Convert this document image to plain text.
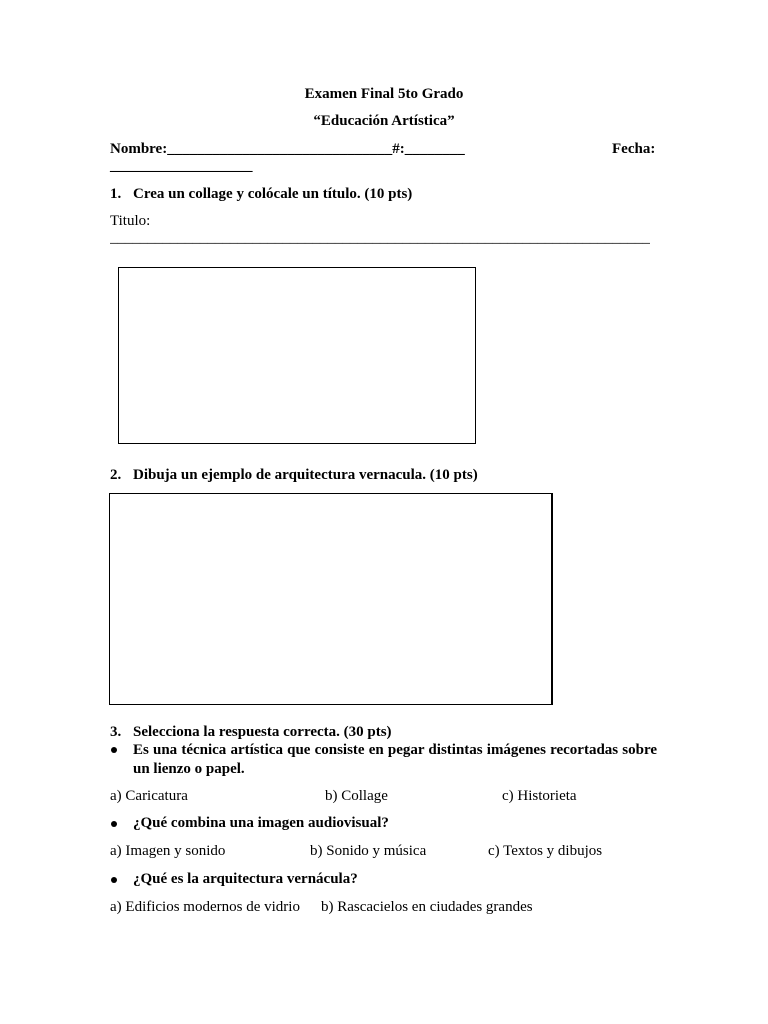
Examen Final 5to Grado
“Educación Artística”
Nombre:______________________________#:________	Fecha:
___________________
1. Crea un collage y colócale un título. (10 pts)
Titulo:
________________________________________________________________________
2. Dibuja un ejemplo de arquitectura vernacula. (10 pts)
3. Selecciona la respuesta correcta. (30 pts)
Es una técnica artística que consiste en pegar distintas imágenes recortadas sobre un lienzo o papel.
a) Caricatura	b) Collage	c) Historieta
¿Qué combina una imagen audiovisual?
a) Imagen y sonido	b) Sonido y música	c) Textos y dibujos
¿Qué es la arquitectura vernácula?
a) Edificios modernos de vidrio b) Rascacielos en ciudades grandes
